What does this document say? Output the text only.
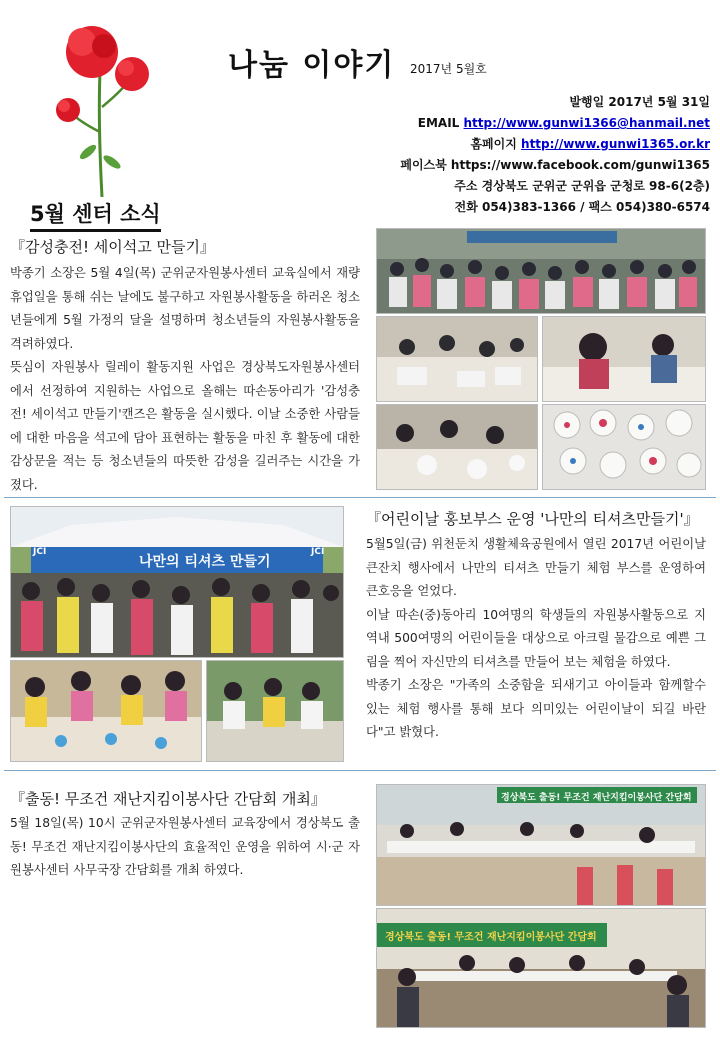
나눔 이야기 2017년 5월호
발행일 2017년 5월 31일
EMAIL http://www.gunwi1366@hanmail.net
홈페이지 http://www.gunwi1365.or.kr
페이스북 https://www.facebook.com/gunwi1365
주소 경상북도 군위군 군위읍 군청로 98-6(2층)
전화 054)383-1366 / 팩스 054)380-6574
5월 센터 소식
『감성충전! 세이석고 만들기』

박종기 소장은 5월 4일(목) 군위군자원봉사센터 교육실에서 재량휴업일을 통해 쉬는 날에도 불구하고 자원봉사활동을 하러온 청소년들에게 5월 가정의 달을 설명하며 청소년들의 자원봉사활동을 격려하였다.

뜻심이 자원봉사 릴레이 활동지원 사업은 경상북도자원봉사센터에서 선정하여 지원하는 사업으로 올해는 따손동아리가 '감성충전! 세이석고 만들기'캔즈은 활동을 실시했다. 이날 소중한 사람들에 대한 마음을 석고에 담아 표현하는 활동을 마친 후 활동에 대한 감상문을 적는 등 청소년들의 따뜻한 감성을 길러주는 시간을 가졌다.

나만의 티셔츠 만들기
JCI	JCI
『어린이날 홍보부스 운영 '나만의 티셔츠만들기'』

5월5일(금) 위천둔치 생활체육공원에서 열린 2017년 어린이날 큰잔치 행사에서 나만의 티셔츠 만들기 체험 부스를 운영하여 큰호응을 얻었다.

이날 따손(중)동아리 10여명의 학생들의 자원봉사활동으로 지역내 500여명의 어린이들을 대상으로 아크릴 물감으로 예쁜 그림을 찍어 자신만의 티셔츠를 만들어 보는 체험을 하였다.

박종기 소장은 "가족의 소중함을 되새기고 아이들과 함께할수 있는 체험 행사를 통해 보다 의미있는 어린이날이 되길 바란다"고 밝혔다.

『출동! 무조건 재난지킴이봉사단 간담회 개최』

5월 18일(목) 10시 군위군자원봉사센터 교육장에서 경상북도 출동! 무조건 재난지킴이봉사단의 효율적인 운영을 위하여 시·군 자원봉사센터 사무국장 간담회를 개최 하였다.

경상북도 출동! 무조건 재난지킴이봉사단 간담회
경상북도 출동! 무조건 재난지킴이봉사단 간담회
